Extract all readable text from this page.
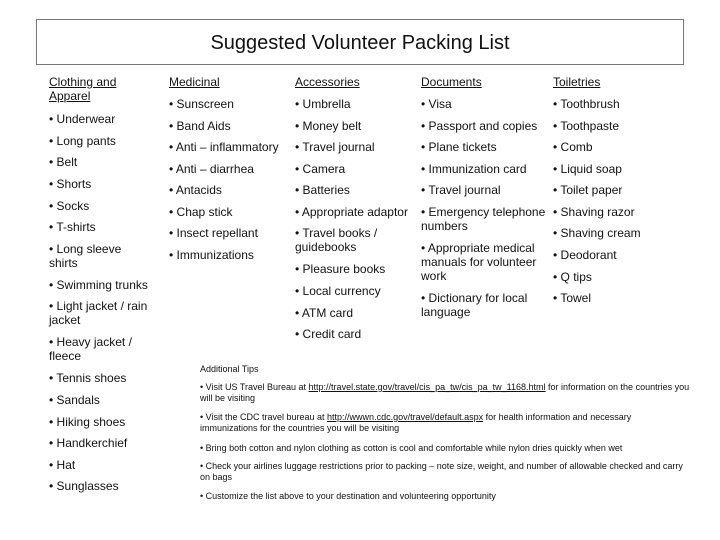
Suggested Volunteer Packing List
Clothing and Apparel
• Underwear
• Long pants
• Belt
• Shorts
• Socks
• T-shirts
• Long sleeve shirts
• Swimming trunks
• Light jacket / rain jacket
• Heavy jacket / fleece
• Tennis shoes
• Sandals
• Hiking shoes
• Handkerchief
• Hat
• Sunglasses
Medicinal
• Sunscreen
• Band Aids
• Anti – inflammatory
• Anti – diarrhea
• Antacids
• Chap stick
• Insect repellant
• Immunizations
Accessories
• Umbrella
• Money belt
• Travel journal
• Camera
• Batteries
• Appropriate adaptor
• Travel books / guidebooks
• Pleasure books
• Local currency
• ATM card
• Credit card
Documents
• Visa
• Passport and copies
• Plane tickets
• Immunization card
• Travel journal
• Emergency telephone numbers
• Appropriate medical manuals for volunteer work
• Dictionary for local language
Toiletries
• Toothbrush
• Toothpaste
• Comb
• Liquid soap
• Toilet paper
• Shaving razor
• Shaving cream
• Deodorant
• Q tips
• Towel
Additional Tips
• Visit US Travel Bureau at http://travel.state.gov/travel/cis_pa_tw/cis_pa_tw_1168.html for information on the countries you will be visiting
• Visit the CDC travel bureau at http://wwwn.cdc.gov/travel/default.aspx for health information and necessary immunizations for the countries you will be visiting
• Bring both cotton and nylon clothing as cotton is cool and comfortable while nylon dries quickly when wet
• Check your airlines luggage restrictions prior to packing – note size, weight, and number of allowable checked and carry on bags
• Customize the list above to your destination and volunteering opportunity
